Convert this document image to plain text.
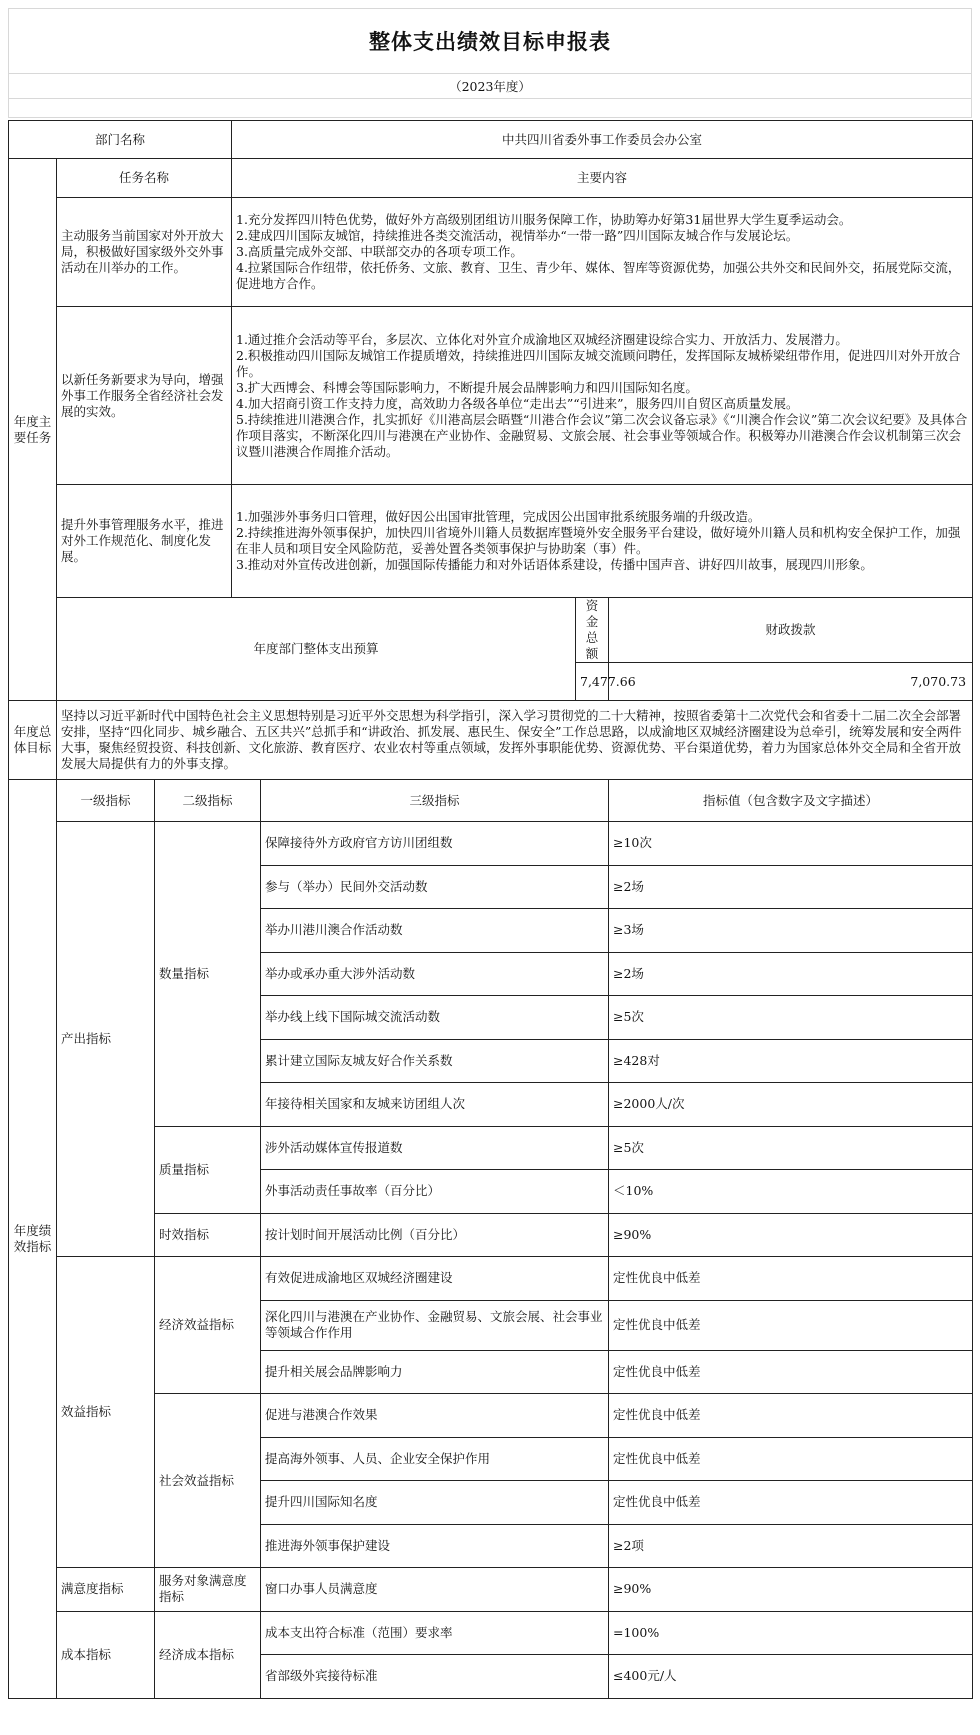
整体支出绩效目标申报表
（2023年度）
部门名称			中共四川省委外事工作委员会办公室				
年度主要任务	任务名称		主要内容				
	主动服务当前国家对外开放大局，积极做好国家级外交外事活动在川举办的工作。		1.充分发挥四川特色优势，做好外方高级别团组访川服务保障工作，协助筹办好第31届世界大学生夏季运动会。
2.建成四川国际友城馆，持续推进各类交流活动，视情举办“一带一路”四川国际友城合作与发展论坛。
3.高质量完成外交部、中联部交办的各项专项工作。
4.拉紧国际合作纽带，依托侨务、文旅、教育、卫生、青少年、媒体、智库等资源优势，加强公共外交和民间外交，拓展党际交流，促进地方合作。				

	以新任务新要求为导向，增强外事工作服务全省经济社会发展的实效。		1.通过推介会活动等平台，多层次、立体化对外宣介成渝地区双城经济圈建设综合实力、开放活力、发展潜力。
2.积极推动四川国际友城馆工作提质增效，持续推进四川国际友城交流顾问聘任，发挥国际友城桥梁纽带作用，促进四川对外开放合作。
3.扩大西博会、科博会等国际影响力，不断提升展会品牌影响力和四川国际知名度。
4.加大招商引资工作支持力度，高效助力各级各单位“走出去”“引进来”，服务四川自贸区高质量发展。
5.持续推进川港澳合作，扎实抓好《川港高层会晤暨“川港合作会议”第二次会议备忘录》《“川澳合作会议”第二次会议纪要》及具体合作项目落实，不断深化四川与港澳在产业协作、金融贸易、文旅会展、社会事业等领域合作。积极筹办川港澳合作会议机制第三次会议暨川港澳合作周推介活动。				

	提升外事管理服务水平，推进对外工作规范化、制度化发展。		1.加强涉外事务归口管理，做好因公出国审批管理，完成因公出国审批系统服务端的升级改造。
2.持续推进海外领事保护，加快四川省境外川籍人员数据库暨境外安全服务平台建设，做好境外川籍人员和机构安全保护工作，加强在非人员和项目安全风险防范，妥善处置各类领事保护与协助案（事）件。
3.推动对外宣传改进创新，加强国际传播能力和对外话语体系建设，传播中国声音、讲好四川故事，展现四川形象。				

	年度部门整体支出预算				资金总额	财政拨款	
					7,477.66	7,070.73	
年度总体目标	坚持以习近平新时代中国特色社会主义思想特别是习近平外交思想为科学指引，深入学习贯彻党的二十大精神，按照省委第十二次党代会和省委十二届二次全会部署安排，坚持“四化同步、城乡融合、五区共兴”总抓手和“讲政治、抓发展、惠民生、保安全”工作总思路，以成渝地区双城经济圈建设为总牵引，统筹发展和安全两件大事，聚焦经贸投资、科技创新、文化旅游、教育医疗、农业农村等重点领域，发挥外事职能优势、资源优势、平台渠道优势，着力为国家总体外交全局和全省开放发展大局提供有力的外事支撑。						
年度绩效指标	一级指标	二级指标		三级指标		指标值（包含数字及文字描述）	
	产出指标	数量指标		保障接待外方政府官方访川团组数		≥10次	
				参与（举办）民间外交活动数		≥2场	
				举办川港川澳合作活动数		≥3场	
				举办或承办重大涉外活动数		≥2场	
				举办线上线下国际城交流活动数		≥5次	
				累计建立国际友城友好合作关系数		≥428对	
				年接待相关国家和友城来访团组人次		≥2000人/次	
		质量指标		涉外活动媒体宣传报道数		≥5次	
				外事活动责任事故率（百分比）		＜10%	
		时效指标		按计划时间开展活动比例（百分比）		≥90%	
	效益指标	经济效益指标		有效促进成渝地区双城经济圈建设		定性优良中低差	
				深化四川与港澳在产业协作、金融贸易、文旅会展、社会事业等领域合作作用		定性优良中低差	
				提升相关展会品牌影响力		定性优良中低差	
		社会效益指标		促进与港澳合作效果		定性优良中低差	
				提高海外领事、人员、企业安全保护作用		定性优良中低差	
				提升四川国际知名度		定性优良中低差	
				推进海外领事保护建设		≥2项	
	满意度指标	服务对象满意度指标		窗口办事人员满意度		≥90%	
	成本指标	经济成本指标		成本支出符合标准（范围）要求率		=100%	
				省部级外宾接待标准		≤400元/人	
